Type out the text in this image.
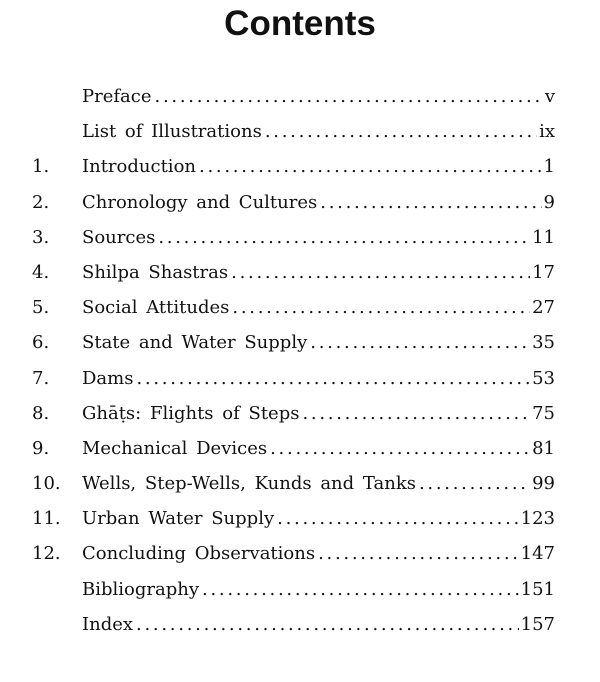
Contents
Preface . . .	v
List of Illustrations . . .	ix
1. Introduction . . .	1
2. Chronology and Cultures . . .	9
3. Sources . . .	11
4. Shilpa Shastras . . .	17
5. Social Attitudes . . .	27
6. State and Water Supply . . .	35
7. Dams . . .	53
8. Ghāṭs: Flights of Steps . . .	75
9. Mechanical Devices . . .	81
10. Wells, Step-Wells, Kunds and Tanks . . .	99
11. Urban Water Supply . . .	123
12. Concluding Observations . . .	147
Bibliography . . .	151
Index . . .	157
